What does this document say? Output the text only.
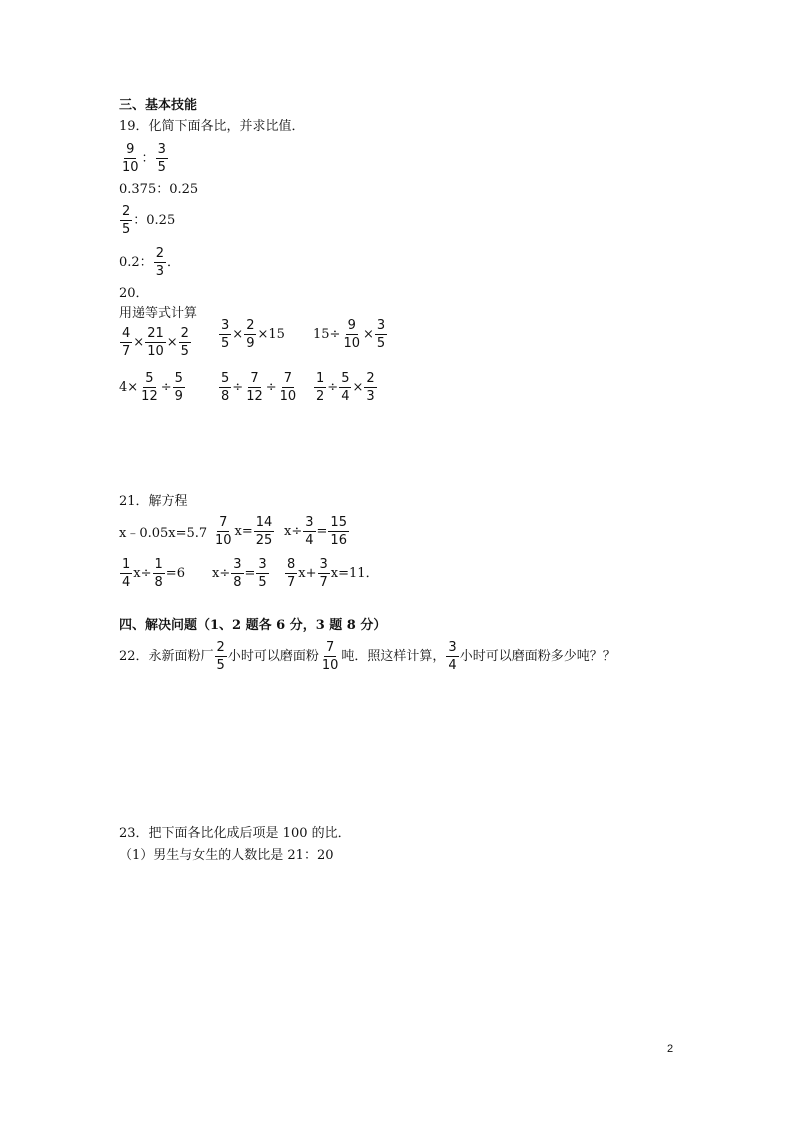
三、基本技能
19．化简下面各比，并求比值．
$\frac{9}{10}$ ： $\frac{3}{5}$
0.375：0.25
$\frac{2}{5}$ ：0.25
0.2： $\frac{2}{3}$ ．
20．
用递等式计算
$\frac{4}{7} \times \frac{21}{10} \times \frac{2}{5} \frac{3}{5} \times \frac{2}{9} \times 15$ $15\div \frac{9}{10} \times \frac{3}{5}$
$4\times \frac{5}{12} \div \frac{5}{9}$	$\frac{5}{8} \div \frac{7}{12} \div \frac{7}{10} \frac{1}{2} \div \frac{5}{4} \times \frac{2}{3}$
21．解方程
x﹣0.05x=5.7 $\frac{7}{10} x= \frac{14}{25} x\div \frac{3}{4} = \frac{15}{16}$
$\frac{1}{4} x\div \frac{1}{8} =6$ $x\div \frac{3}{8} = \frac{3}{5} \frac{8}{7} x+ \frac{3}{7} x=11$．
四、解决问题（1、2 题各 6 分，3 题 8 分）
22．永新面粉厂 $\frac{2}{5}$ 小时可以磨面粉 $\frac{7}{10}$ 吨．照这样计算， $\frac{3}{4}$ 小时可以磨面粉多少吨？？
23．把下面各比化成后项是 100 的比．
（1）男生与女生的人数比是 21：20
2
